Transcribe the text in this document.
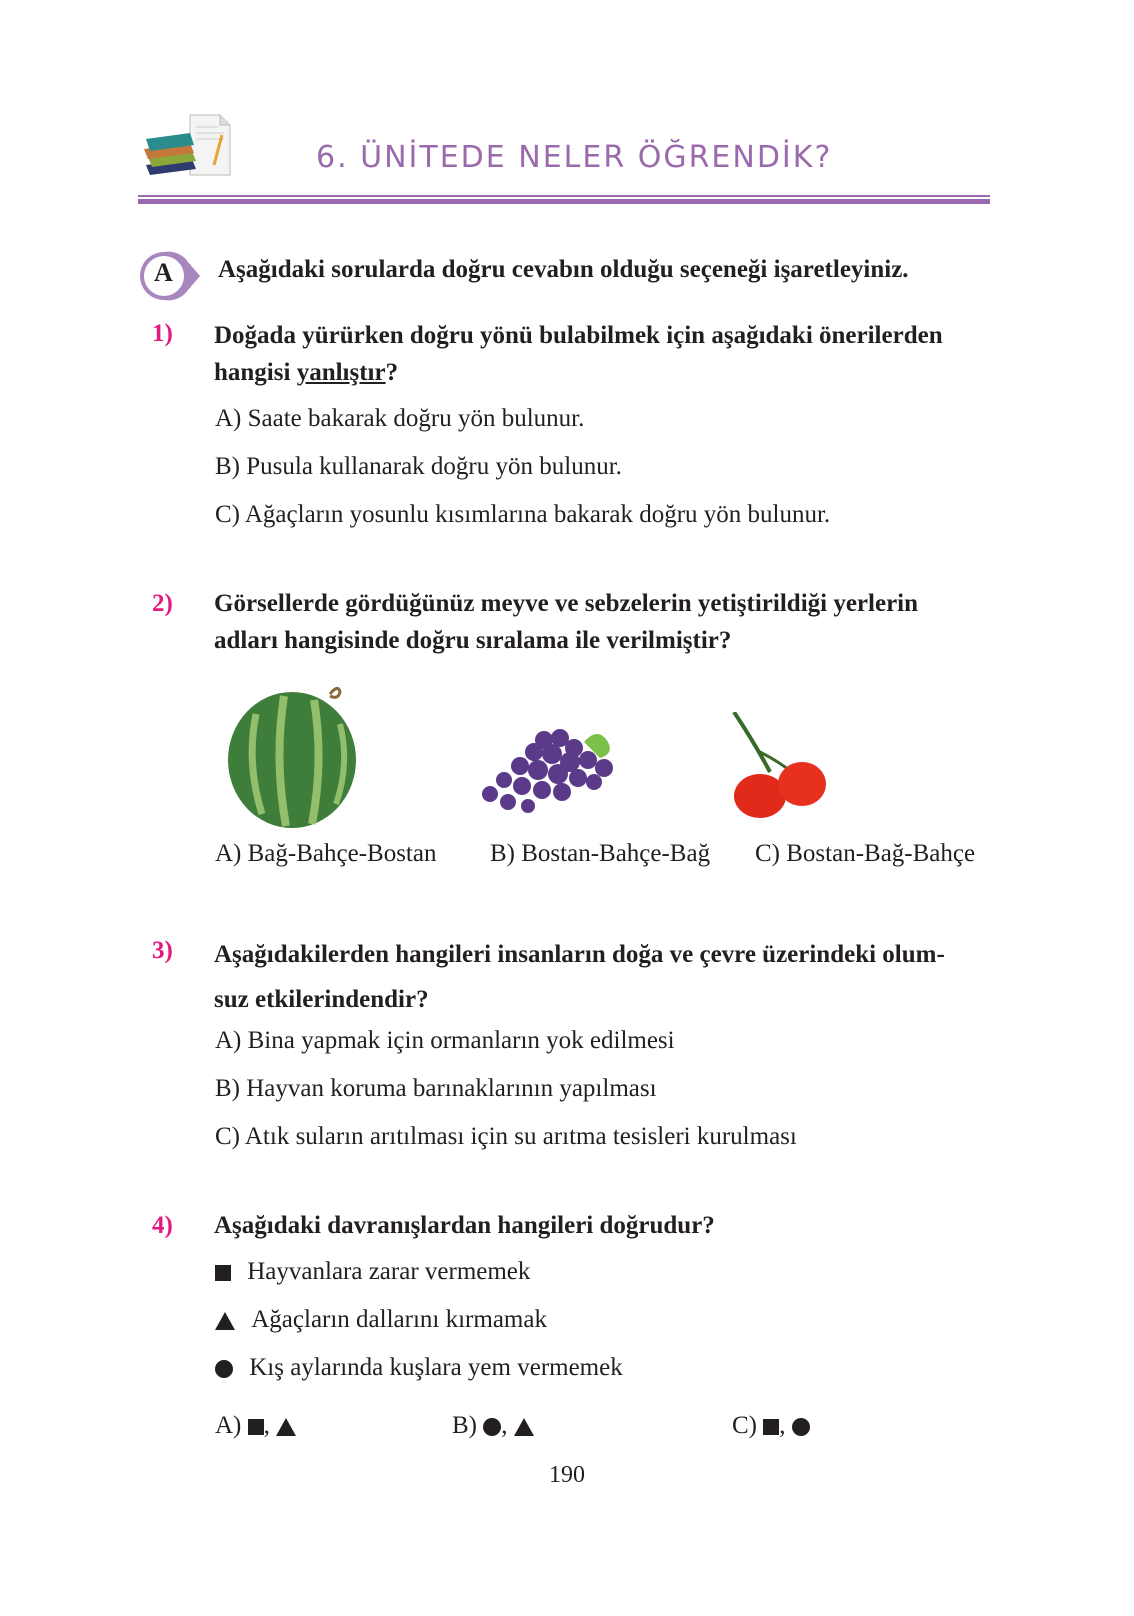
6. ÜNİTEDE NELER ÖĞRENDİK?
A Aşağıdaki sorularda doğru cevabın olduğu seçeneği işaretleyiniz.
1) Doğada yürürken doğru yönü bulabilmek için aşağıdaki önerilerden
hangisi yanlıştır?
A) Saate bakarak doğru yön bulunur.
B) Pusula kullanarak doğru yön bulunur.
C) Ağaçların yosunlu kısımlarına bakarak doğru yön bulunur.
2) Görsellerde gördüğünüz meyve ve sebzelerin yetiştirildiği yerlerin
adları hangisinde doğru sıralama ile verilmiştir?
A) Bağ-Bahçe-Bostan B) Bostan-Bahçe-Bağ C) Bostan-Bağ-Bahçe
3) Aşağıdakilerden hangileri insanların doğa ve çevre üzerindeki olum-
suz etkilerindendir?
A) Bina yapmak için ormanların yok edilmesi
B) Hayvan koruma barınaklarının yapılması
C) Atık suların arıtılması için su arıtma tesisleri kurulması
4) Aşağıdaki davranışlardan hangileri doğrudur?
Hayvanlara zarar vermemek
Ağaçların dallarını kırmamak
Kış aylarında kuşlara yem vermemek
A) ,	B) ,	C) ,
190
